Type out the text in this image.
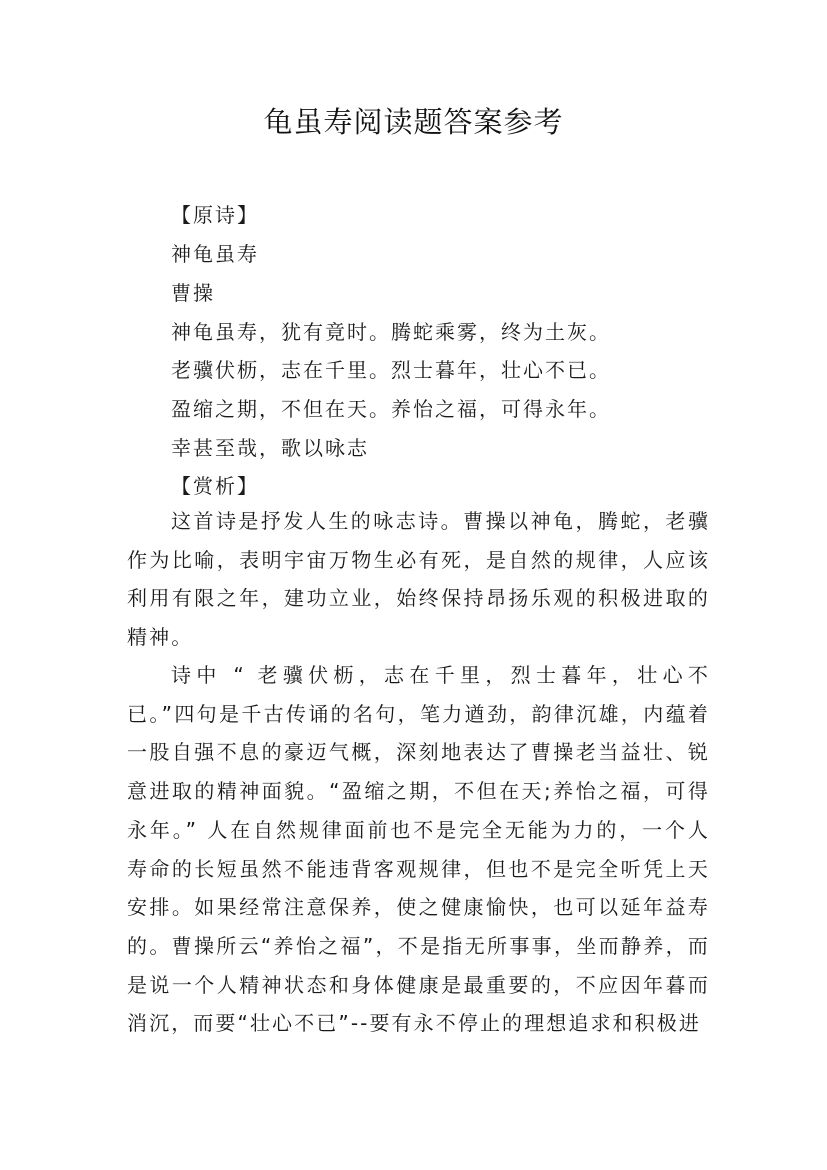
龟虽寿阅读题答案参考
【原诗】
神龟虽寿
曹操
神龟虽寿，犹有竟时。腾蛇乘雾，终为土灰。
老骥伏枥，志在千里。烈士暮年，壮心不已。
盈缩之期，不但在天。养怡之福，可得永年。
幸甚至哉，歌以咏志
【赏析】

这首诗是抒发人生的咏志诗。曹操以神龟，腾蛇，老骥作为比喻，表明宇宙万物生必有死，是自然的规律，人应该利用有限之年，建功立业，始终保持昂扬乐观的积极进取的精神。

诗中 “ 老骥伏枥，志在千里，烈士暮年，壮心不已。”四句是千古传诵的名句，笔力遒劲，韵律沉雄，内蕴着一股自强不息的豪迈气概，深刻地表达了曹操老当益壮、锐意进取的精神面貌。“盈缩之期，不但在天;养怡之福，可得永年。” 人在自然规律面前也不是完全无能为力的，一个人寿命的长短虽然不能违背客观规律，但也不是完全听凭上天安排。如果经常注意保养，使之健康愉快，也可以延年益寿的。曹操所云“养怡之福”，不是指无所事事，坐而静养，而是说一个人精神状态和身体健康是最重要的，不应因年暮而消沉，而要“壮心不已”--要有永不停止的理想追求和积极进
